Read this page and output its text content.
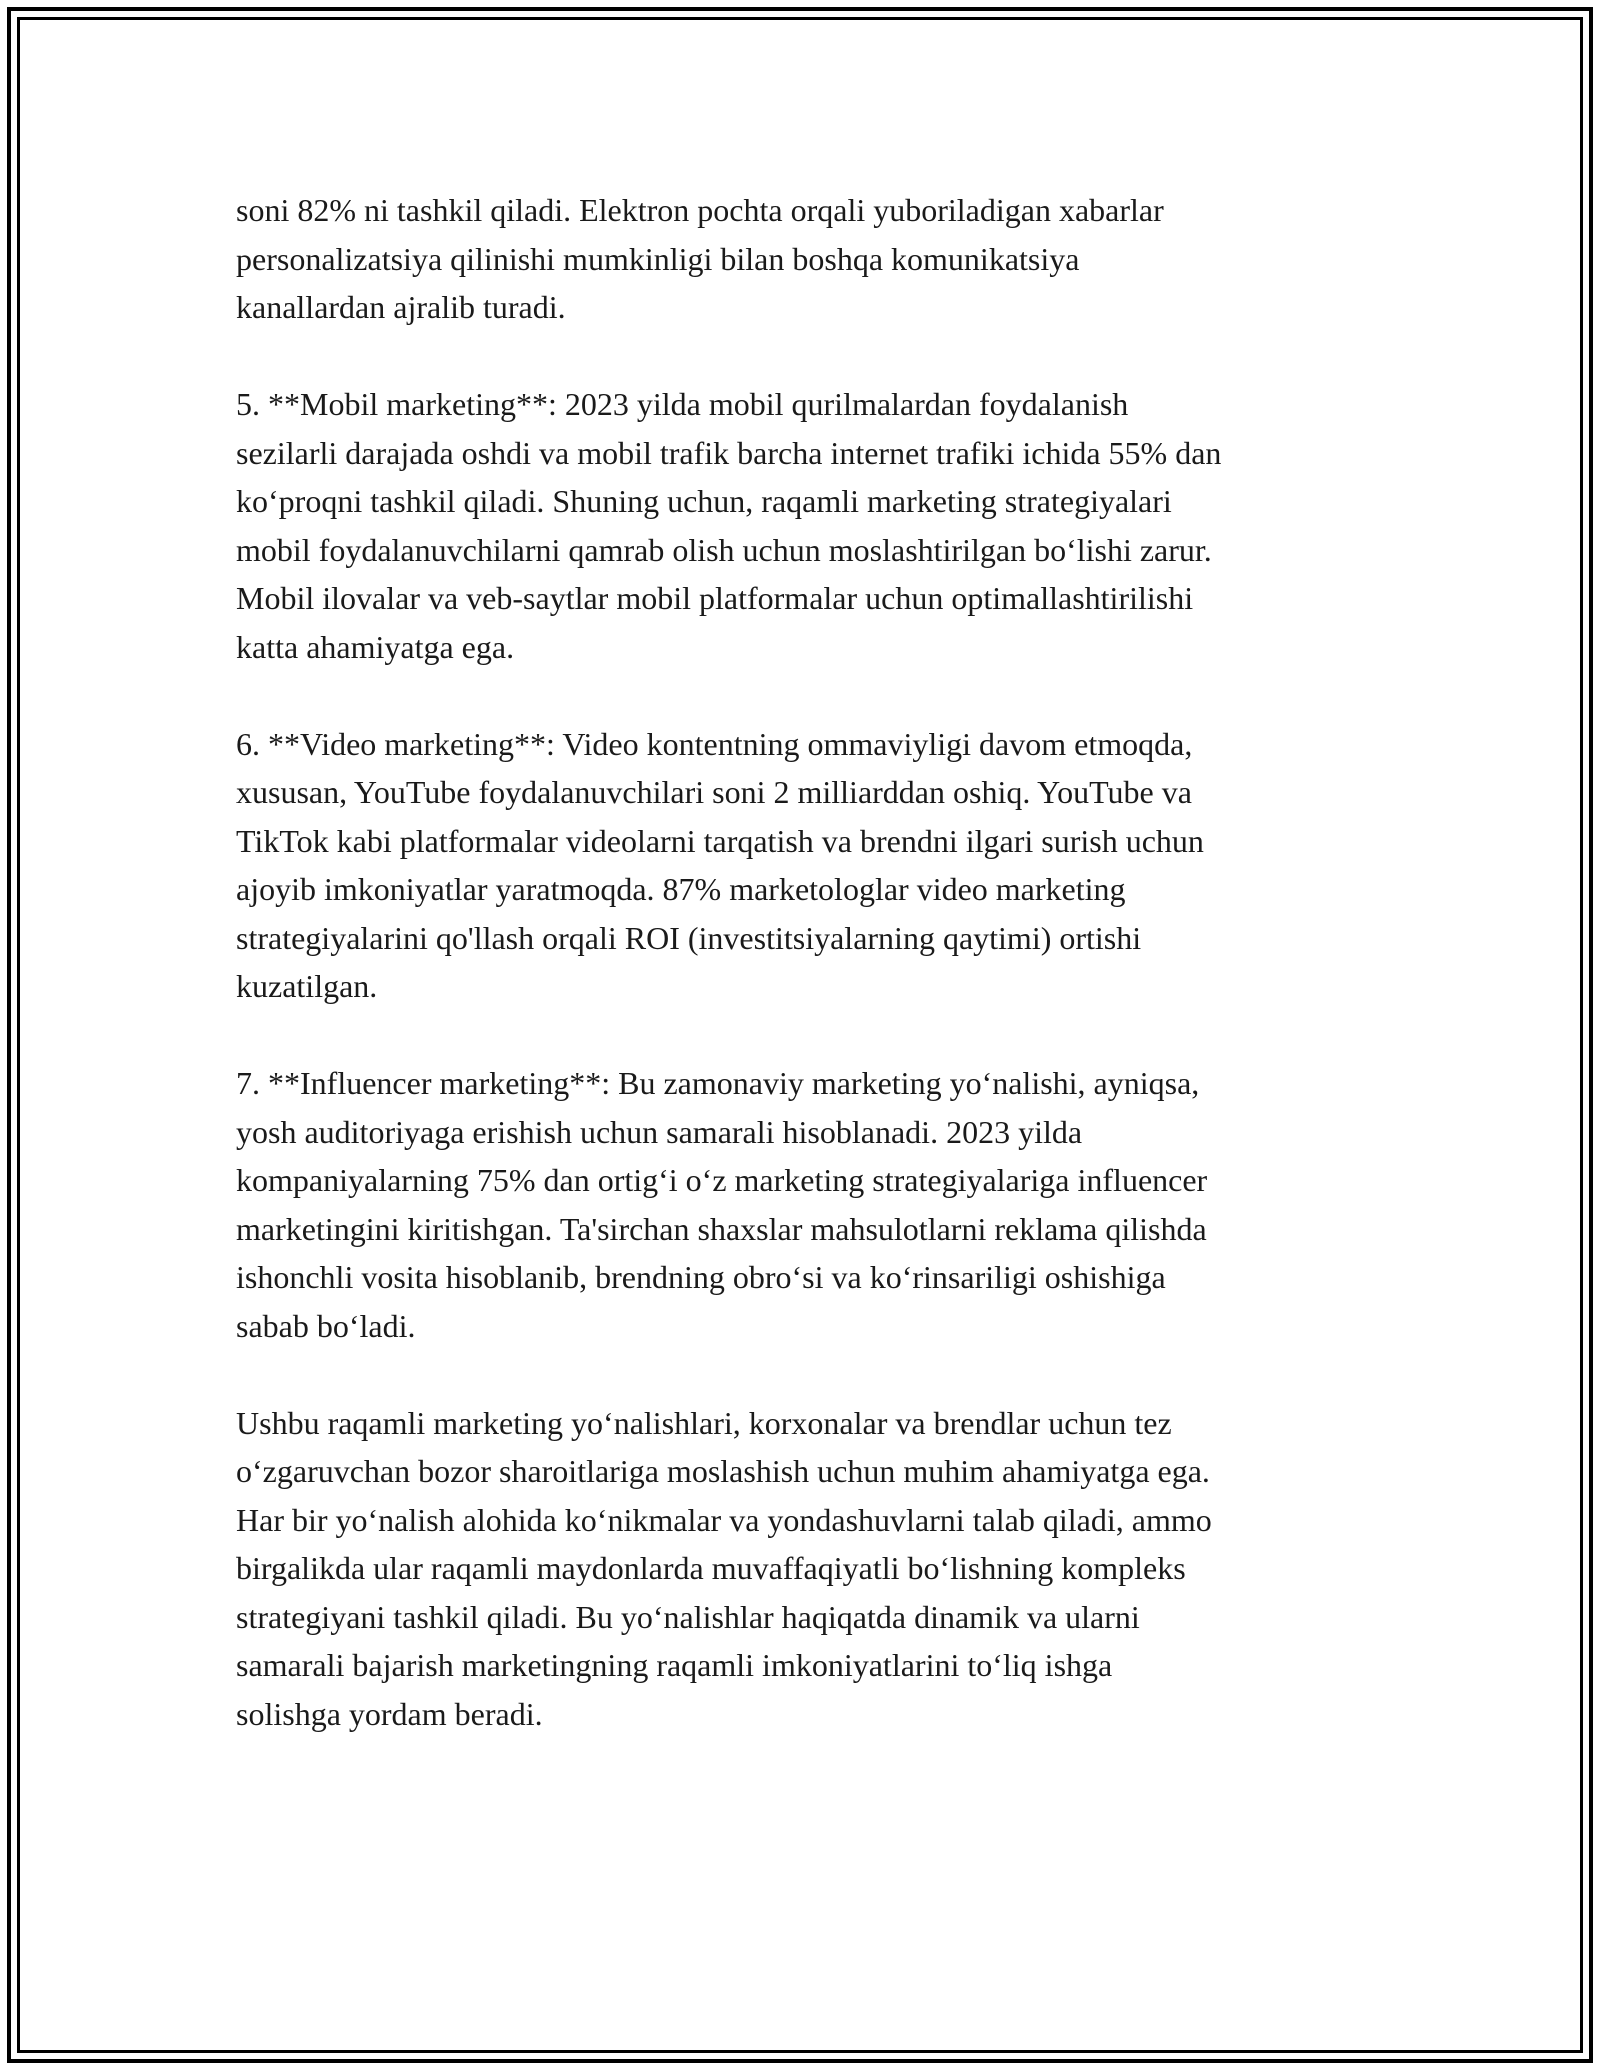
soni 82% ni tashkil qiladi. Elektron pochta orqali yuboriladigan xabarlar
personalizatsiya qilinishi mumkinligi bilan boshqa komunikatsiya
kanallardan ajralib turadi.

5. **Mobil marketing**: 2023 yilda mobil qurilmalardan foydalanish
sezilarli darajada oshdi va mobil trafik barcha internet trafiki ichida 55% dan
ko‘proqni tashkil qiladi. Shuning uchun, raqamli marketing strategiyalari
mobil foydalanuvchilarni qamrab olish uchun moslashtirilgan bo‘lishi zarur.
Mobil ilovalar va veb-saytlar mobil platformalar uchun optimallashtirilishi
katta ahamiyatga ega.

6. **Video marketing**: Video kontentning ommaviyligi davom etmoqda,
xususan, YouTube foydalanuvchilari soni 2 milliarddan oshiq. YouTube va
TikTok kabi platformalar videolarni tarqatish va brendni ilgari surish uchun
ajoyib imkoniyatlar yaratmoqda. 87% marketologlar video marketing
strategiyalarini qo'llash orqali ROI (investitsiyalarning qaytimi) ortishi
kuzatilgan.

7. **Influencer marketing**: Bu zamonaviy marketing yo‘nalishi, ayniqsa,
yosh auditoriyaga erishish uchun samarali hisoblanadi. 2023 yilda
kompaniyalarning 75% dan ortig‘i o‘z marketing strategiyalariga influencer
marketingini kiritishgan. Ta'sirchan shaxslar mahsulotlarni reklama qilishda
ishonchli vosita hisoblanib, brendning obro‘si va ko‘rinsariligi oshishiga
sabab bo‘ladi.

Ushbu raqamli marketing yo‘nalishlari, korxonalar va brendlar uchun tez
o‘zgaruvchan bozor sharoitlariga moslashish uchun muhim ahamiyatga ega.
Har bir yo‘nalish alohida ko‘nikmalar va yondashuvlarni talab qiladi, ammo
birgalikda ular raqamli maydonlarda muvaffaqiyatli bo‘lishning kompleks
strategiyani tashkil qiladi. Bu yo‘nalishlar haqiqatda dinamik va ularni
samarali bajarish marketingning raqamli imkoniyatlarini to‘liq ishga
solishga yordam beradi.
